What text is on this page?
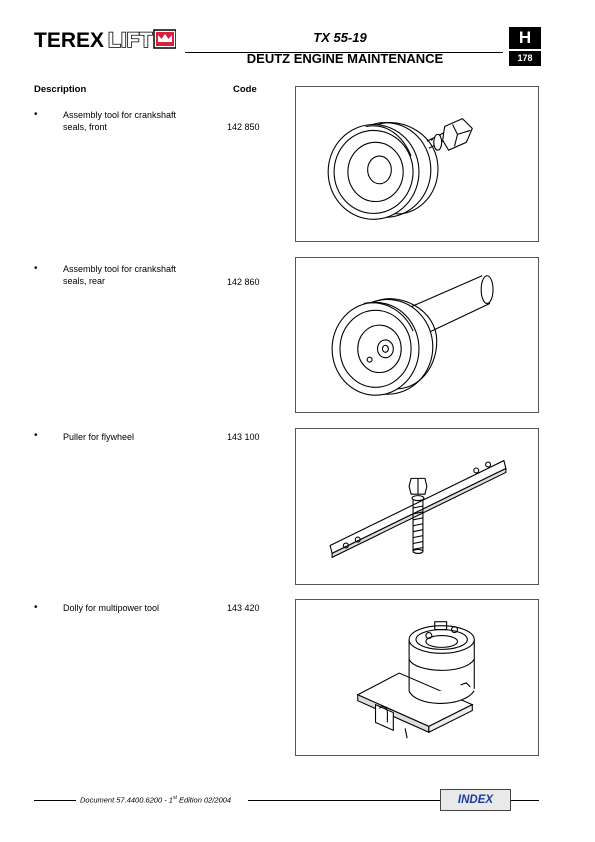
TEREX LIFT	TX 55-19
DEUTZ ENGINE MAINTENANCE
H
178
Description	Code
•	Assembly tool for crankshaft
seals, front	142 850
•	Assembly tool for crankshaft
seals, rear	142 860
•	Puller for flywheel	143 100
•	Dolly for multipower tool	143 420
Document 57.4400.6200 - 1st Edition 02/2004	INDEX
